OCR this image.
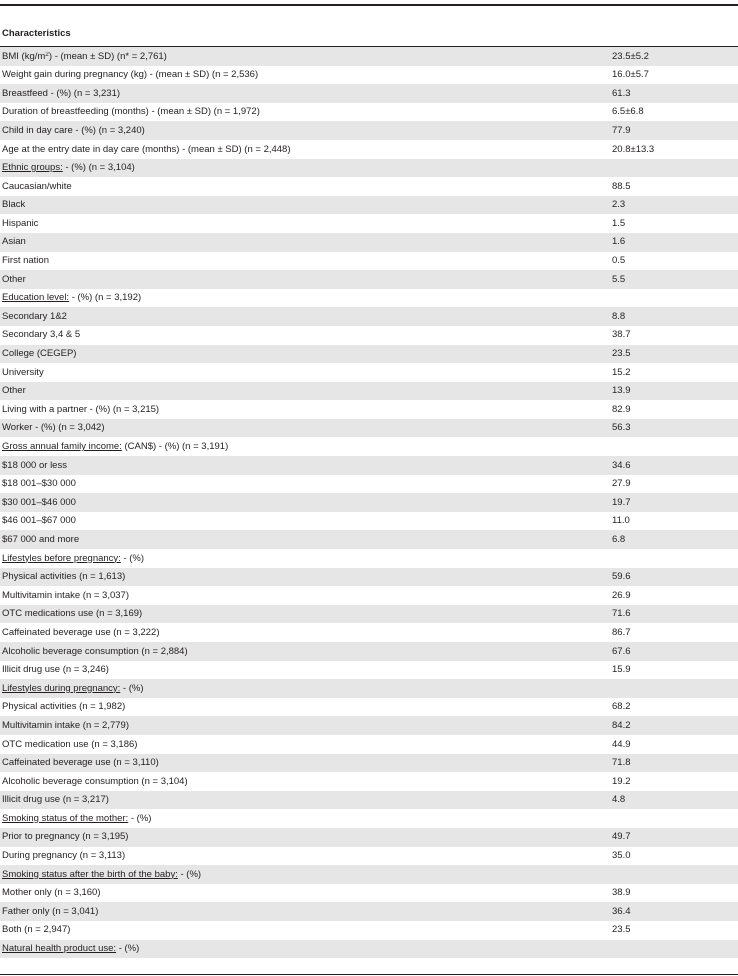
Characteristics
BMI $(kg/m^2)$ - (mean ± SD) (n* = 2,761)	23.5±5.2
Weight gain during pregnancy (kg) - (mean ± SD) (n = 2,536)	16.0±5.7
Breastfeed - (%) (n = 3,231)	61.3
Duration of breastfeeding (months) - (mean ± SD) (n = 1,972)	6.5±6.8
Child in day care - (%) (n = 3,240)	77.9
Age at the entry date in day care (months) - (mean ± SD) (n = 2,448)	20.8±13.3
Ethnic groups: - (%) (n = 3,104)
Caucasian/white	88.5
Black	2.3
Hispanic	1.5
Asian	1.6
First nation	0.5
Other	5.5
Education level: - (%) (n = 3,192)
Secondary 1&2	8.8
Secondary 3,4 & 5	38.7
College (CEGEP)	23.5
University	15.2
Other	13.9
Living with a partner - (%) (n = 3,215)	82.9
Worker - (%) (n = 3,042)	56.3
Gross annual family income: (CAN$) - (%) (n = 3,191)
$18 000 or less	34.6
$18 001–$30 000	27.9
$30 001–$46 000	19.7
$46 001–$67 000	11.0
$67 000 and more	6.8
Lifestyles before pregnancy: - (%)
Physical activities (n = 1,613)	59.6
Multivitamin intake (n = 3,037)	26.9
OTC medications use (n = 3,169)	71.6
Caffeinated beverage use (n = 3,222)	86.7
Alcoholic beverage consumption (n = 2,884)	67.6
Illicit drug use (n = 3,246)	15.9
Lifestyles during pregnancy: - (%)
Physical activities (n = 1,982)	68.2
Multivitamin intake (n = 2,779)	84.2
OTC medication use (n = 3,186)	44.9
Caffeinated beverage use (n = 3,110)	71.8
Alcoholic beverage consumption (n = 3,104)	19.2
Illicit drug use (n = 3,217)	4.8
Smoking status of the mother: - (%)
Prior to pregnancy (n = 3,195)	49.7
During pregnancy (n = 3,113)	35.0
Smoking status after the birth of the baby: - (%)
Mother only (n = 3,160)	38.9
Father only (n = 3,041)	36.4
Both (n = 2,947)	23.5
Natural health product use: - (%)
